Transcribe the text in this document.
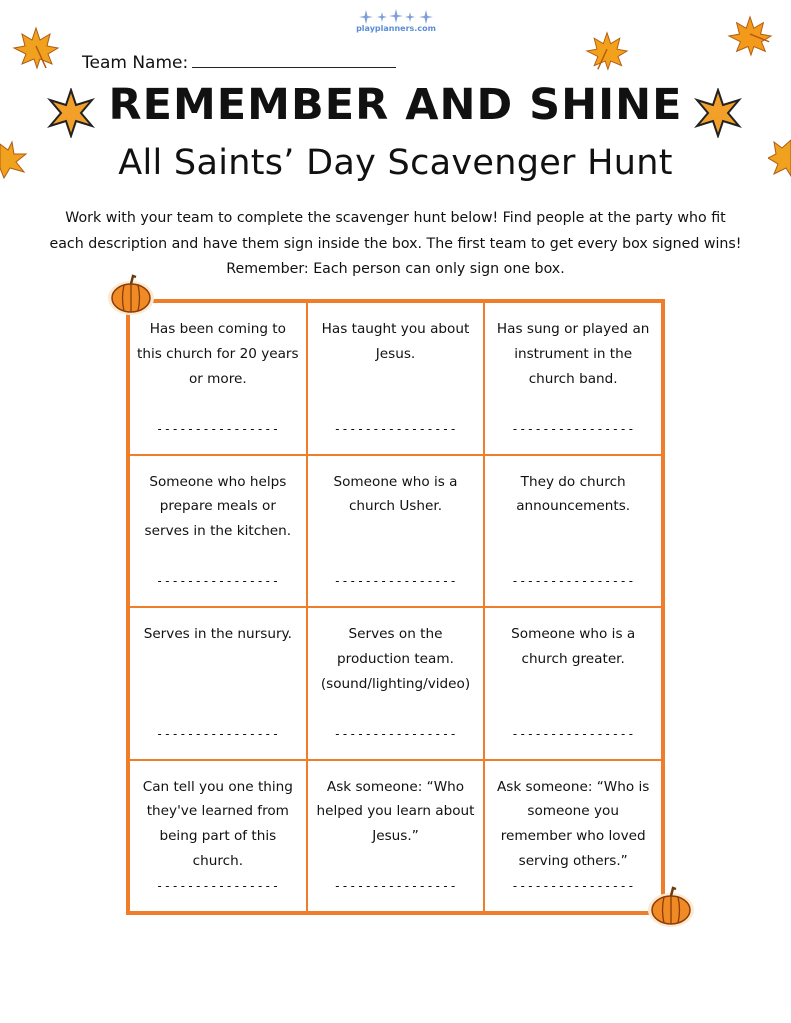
playplanners.com
Team Name:
REMEMBER AND SHINE
All Saints’ Day Scavenger Hunt
Work with your team to complete the scavenger hunt below! Find people at the party who fit
each description and have them sign inside the box. The first team to get every box signed wins!
Remember: Each person can only sign one box.
Has been coming to this church for 20 years or more.
----------------
Has taught you about Jesus.
----------------
Has sung or played an instrument in the church band.
----------------
Someone who helps prepare meals or serves in the kitchen.
----------------
Someone who is a church Usher.
----------------
They do church announcements.
----------------
Serves in the nursury.
----------------
Serves on the production team. (sound/lighting/video)
----------------
Someone who is a church greater.
----------------
Can tell you one thing they've learned from being part of this church.
----------------
Ask someone: “Who helped you learn about Jesus.”
----------------
Ask someone: “Who is someone you remember who loved serving others.”
----------------
